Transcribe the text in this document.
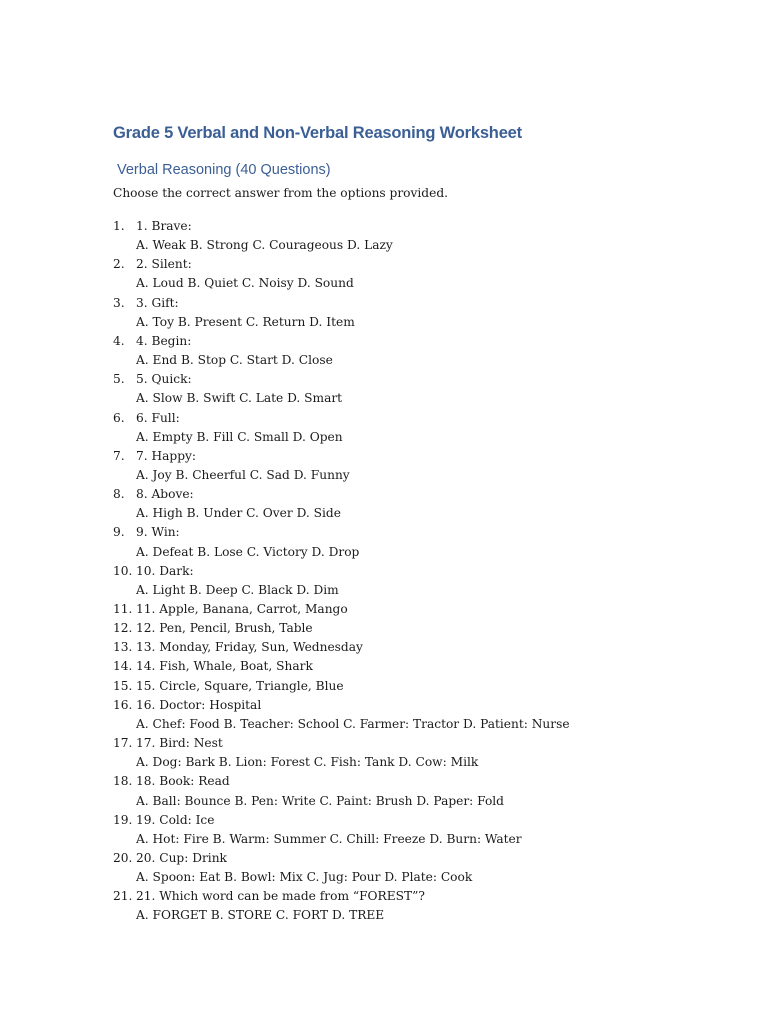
Grade 5 Verbal and Non-Verbal Reasoning Worksheet
Verbal Reasoning (40 Questions)
Choose the correct answer from the options provided.
1. 1. Brave:
A. Weak B. Strong C. Courageous D. Lazy
2. 2. Silent:
A. Loud B. Quiet C. Noisy D. Sound
3. 3. Gift:
A. Toy B. Present C. Return D. Item
4. 4. Begin:
A. End B. Stop C. Start D. Close
5. 5. Quick:
A. Slow B. Swift C. Late D. Smart
6. 6. Full:
A. Empty B. Fill C. Small D. Open
7. 7. Happy:
A. Joy B. Cheerful C. Sad D. Funny
8. 8. Above:
A. High B. Under C. Over D. Side
9. 9. Win:
A. Defeat B. Lose C. Victory D. Drop
10. 10. Dark:
A. Light B. Deep C. Black D. Dim
11. 11. Apple, Banana, Carrot, Mango
12. 12. Pen, Pencil, Brush, Table
13. 13. Monday, Friday, Sun, Wednesday
14. 14. Fish, Whale, Boat, Shark
15. 15. Circle, Square, Triangle, Blue
16. 16. Doctor: Hospital
A. Chef: Food B. Teacher: School C. Farmer: Tractor D. Patient: Nurse
17. 17. Bird: Nest
A. Dog: Bark B. Lion: Forest C. Fish: Tank D. Cow: Milk
18. 18. Book: Read
A. Ball: Bounce B. Pen: Write C. Paint: Brush D. Paper: Fold
19. 19. Cold: Ice
A. Hot: Fire B. Warm: Summer C. Chill: Freeze D. Burn: Water
20. 20. Cup: Drink
A. Spoon: Eat B. Bowl: Mix C. Jug: Pour D. Plate: Cook
21. 21. Which word can be made from “FOREST”?
A. FORGET B. STORE C. FORT D. TREE
